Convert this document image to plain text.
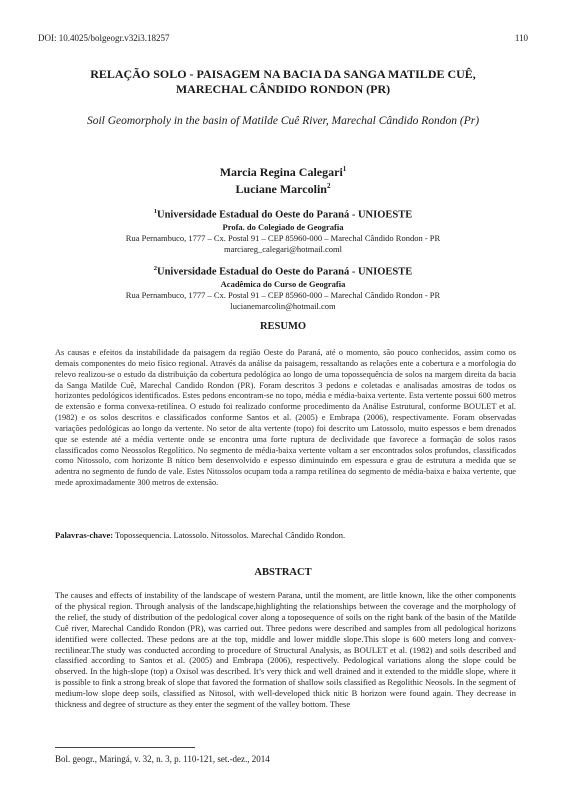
DOI: 10.4025/bolgeogr.v32i3.18257	110
RELAÇÃO SOLO - PAISAGEM NA BACIA DA SANGA MATILDE CUÊ,
MARECHAL CÂNDIDO RONDON (PR)
Soil Geomorpholy in the basin of Matilde Cuê River, Marechal Cândido Rondon (Pr)
Marcia Regina Calegari$^1$
Luciane Marcolin$^2$
$^1$Universidade Estadual do Oeste do Paraná - UNIOESTE
Profa. do Colegiado de Geografia
Rua Pernambuco, 1777 – Cx. Postal 91 – CEP 85960-000 – Marechal Cândido Rondon - PR
marciareg_calegari@hotmail.coml
$^2$Universidade Estadual do Oeste do Paraná - UNIOESTE
Acadêmica do Curso de Geografia
Rua Pernambuco, 1777 – Cx. Postal 91 – CEP 85960-000 – Marechal Cândido Rondon - PR
lucianemarcolin@hotmail.com
RESUMO
As causas e efeitos da instabilidade da paisagem da região Oeste do Paraná, até o momento, são pouco conhecidos, assim como os demais componentes do meio físico regional. Através da análise da paisagem, ressaltando as relações ente a cobertura e a morfologia do relevo realizou-se o estudo da distribuição da cobertura pedológica ao longo de uma topossequência de solos na margem direita da bacia da Sanga Matilde Cuê, Marechal Candido Rondon (PR). Foram descritos 3 pedons e coletadas e analisadas amostras de todos os horizontes pedológicos identificados. Estes pedons encontram-se no topo, média e média-baixa vertente. Esta vertente possui 600 metros de extensão e forma convexa-retilínea. O estudo foi realizado conforme procedimento da Análise Estrutural, conforme BOULET et al. (1982) e os solos descritos e classificados conforme Santos et al. (2005) e Embrapa (2006), respectivamente. Foram observadas variações pedológicas ao longo da vertente. No setor de alta vertente (topo) foi descrito um Latossolo, muito espessos e bem drenados que se estende até a média vertente onde se encontra uma forte ruptura de declividade que favorece a formação de solos rasos classificados como Neossolos Regolítico. No segmento de média-baixa vertente voltam a ser encontrados solos profundos, classificados como Nitossolo, com horizonte B nítico bem desenvolvido e espesso diminuindo em espessura e grau de estrutura a medida que se adentra no segmento de fundo de vale. Estes Nitossolos ocupam toda a rampa retilínea do segmento de média-baixa e baixa vertente, que mede aproximadamente 300 metros de extensão.
Palavras-chave: Topossequencia. Latossolo. Nitossolos. Marechal Cândido Rondon.
ABSTRACT
The causes and effects of instability of the landscape of western Parana, until the moment, are little known, like the other components of the physical region. Through analysis of the landscape,highlighting the relationships between the coverage and the morphology of the relief, the study of distribution of the pedological cover along a toposequence of soils on the right bank of the basin of the Matilde Cuê river, Marechal Candido Rondon (PR), was carried out. Three pedons were described and samples from all pedological horizons identified were collected. These pedons are at the top, middle and lower middle slope.This slope is 600 meters long and convex-rectilinear.The study was conducted according to procedure of Structural Analysis, as BOULET et al. (1982) and soils described and classified according to Santos et al. (2005) and Embrapa (2006), respectively. Pedological variations along the slope could be observed. In the high-slope (top) a Oxisol was described. It’s very thick and well drained and it extended to the middle slope, where it is possible to fink a strong break of slope that favored the formation of shallow soils classified as Regolithic Neosols. In the segment of medium-low slope deep soils, classified as Nitosol, with well-developed thick nitic B horizon were found again. They decrease in thickness and degree of structure as they enter the segment of the valley bottom. These
Bol. geogr., Maringá, v. 32, n. 3, p. 110-121, set.-dez., 2014
